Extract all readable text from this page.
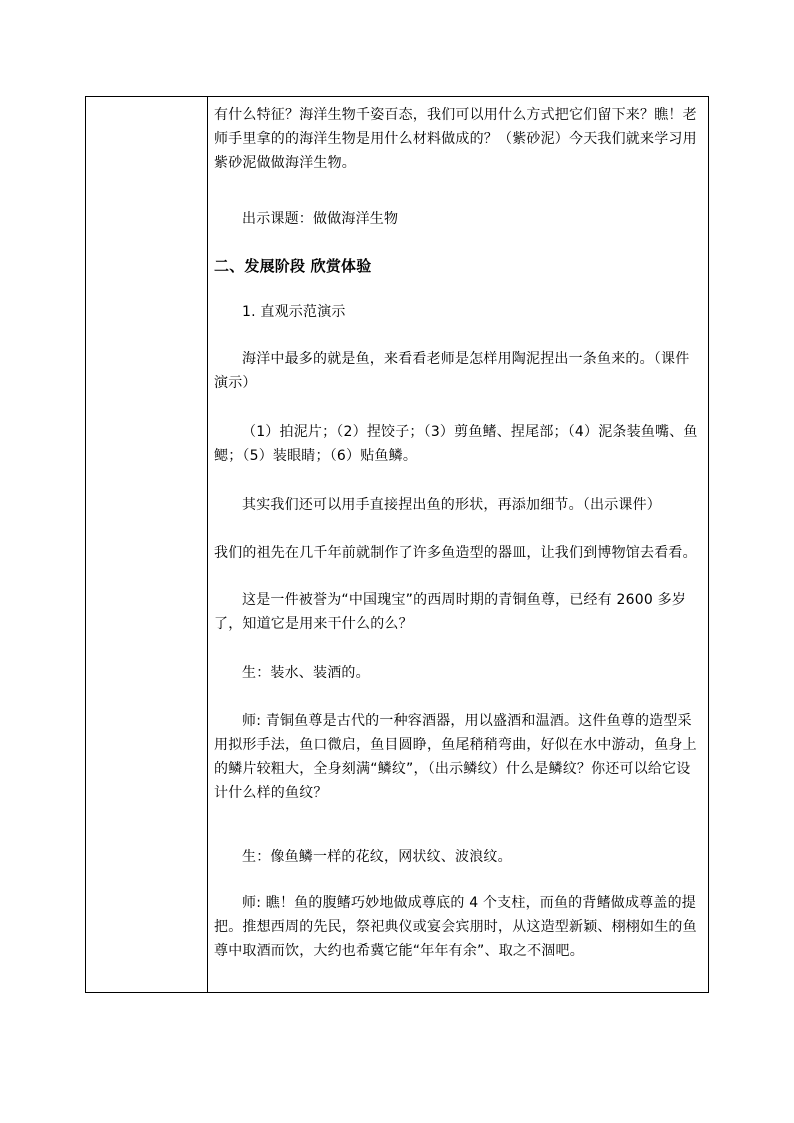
有什么特征？海洋生物千姿百态，我们可以用什么方式把它们留下来？瞧！老师手里拿的的海洋生物是用什么材料做成的？（紫砂泥）今天我们就来学习用紫砂泥做做海洋生物。

出示课题：做做海洋生物

二、发展阶段 欣赏体验

1. 直观示范演示

海洋中最多的就是鱼，来看看老师是怎样用陶泥捏出一条鱼来的。（课件演示）

（1）拍泥片；（2）捏饺子；（3）剪鱼鳍、捏尾部；（4）泥条装鱼嘴、鱼鳃；（5）装眼睛；（6）贴鱼鳞。

其实我们还可以用手直接捏出鱼的形状，再添加细节。（出示课件）

我们的祖先在几千年前就制作了许多鱼造型的器皿，让我们到博物馆去看看。

这是一件被誉为“中国瑰宝”的西周时期的青铜鱼尊，已经有 2600 多岁了，知道它是用来干什么的么？

生：装水、装酒的。

师: 青铜鱼尊是古代的一种容酒器，用以盛酒和温酒。这件鱼尊的造型采用拟形手法，鱼口微启，鱼目圆睁，鱼尾稍稍弯曲，好似在水中游动，鱼身上的鳞片较粗大，全身刻满“鳞纹”，（出示鳞纹）什么是鳞纹？你还可以给它设计什么样的鱼纹？

生：像鱼鳞一样的花纹，网状纹、波浪纹。

师: 瞧！鱼的腹鳍巧妙地做成尊底的 4 个支柱，而鱼的背鳍做成尊盖的提把。推想西周的先民，祭祀典仪或宴会宾朋时，从这造型新颖、栩栩如生的鱼尊中取酒而饮，大约也希冀它能“年年有余”、取之不涸吧。
